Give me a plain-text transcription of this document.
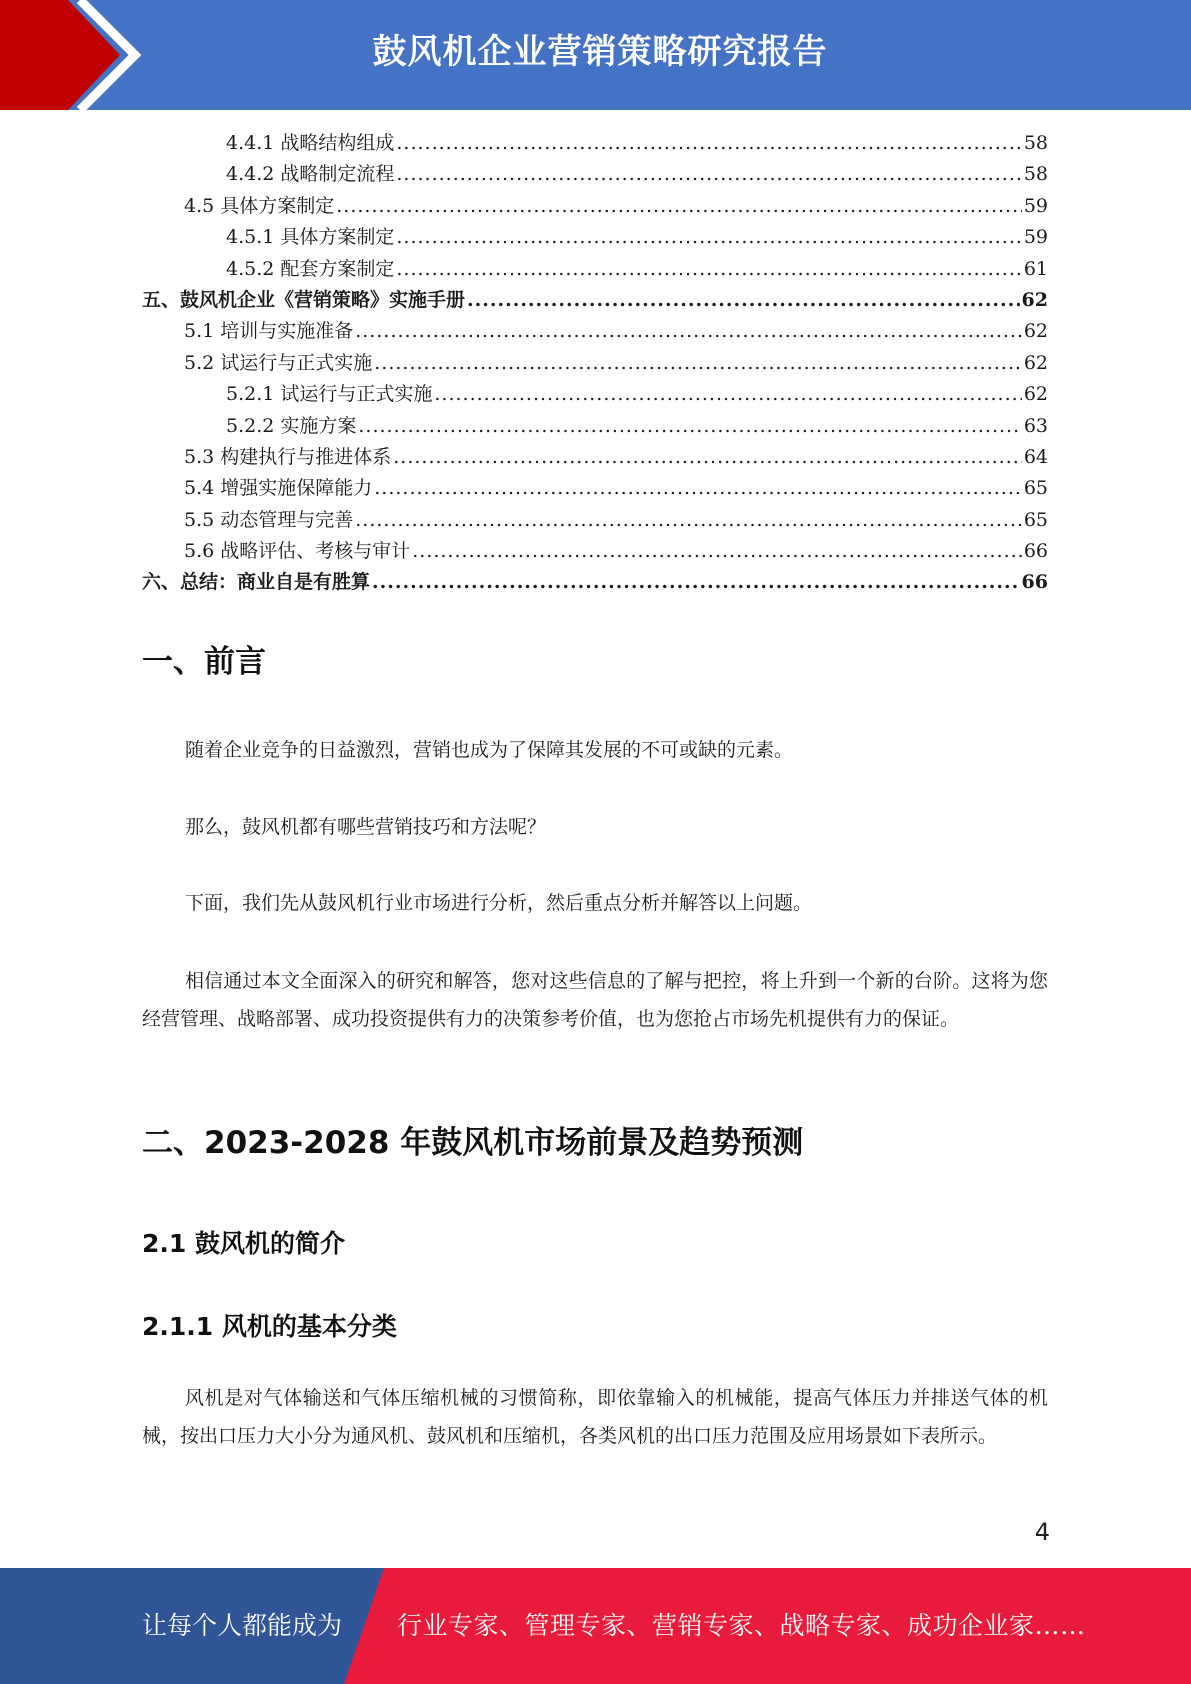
鼓风机企业营销策略研究报告
4.4.1 战略结构组成 .....	58
4.4.2 战略制定流程 .....	58
4.5 具体方案制定 .....	59
4.5.1 具体方案制定 .....	59
4.5.2 配套方案制定 .....	61
五、鼓风机企业《营销策略》实施手册 .....	62
5.1 培训与实施准备 .....	62
5.2 试运行与正式实施 .....	62
5.2.1 试运行与正式实施 .....	62
5.2.2 实施方案 .....	63
5.3 构建执行与推进体系 .....	64
5.4 增强实施保障能力 .....	65
5.5 动态管理与完善 .....	65
5.6 战略评估、考核与审计 .....	66
六、总结：商业自是有胜算 .....	66
一、前言

随着企业竞争的日益激烈，营销也成为了保障其发展的不可或缺的元素。

那么，鼓风机都有哪些营销技巧和方法呢？

下面，我们先从鼓风机行业市场进行分析，然后重点分析并解答以上问题。

相信通过本文全面深入的研究和解答，您对这些信息的了解与把控，将上升到一个新的台阶。这将为您经营管理、战略部署、成功投资提供有力的决策参考价值，也为您抢占市场先机提供有力的保证。

二、2023-2028 年鼓风机市场前景及趋势预测
2.1 鼓风机的简介
2.1.1 风机的基本分类

风机是对气体输送和气体压缩机械的习惯简称，即依靠输入的机械能，提高气体压力并排送气体的机械，按出口压力大小分为通风机、鼓风机和压缩机，各类风机的出口压力范围及应用场景如下表所示。

4
让每个人都能成为 行业专家、管理专家、营销专家、战略专家、成功企业家……
